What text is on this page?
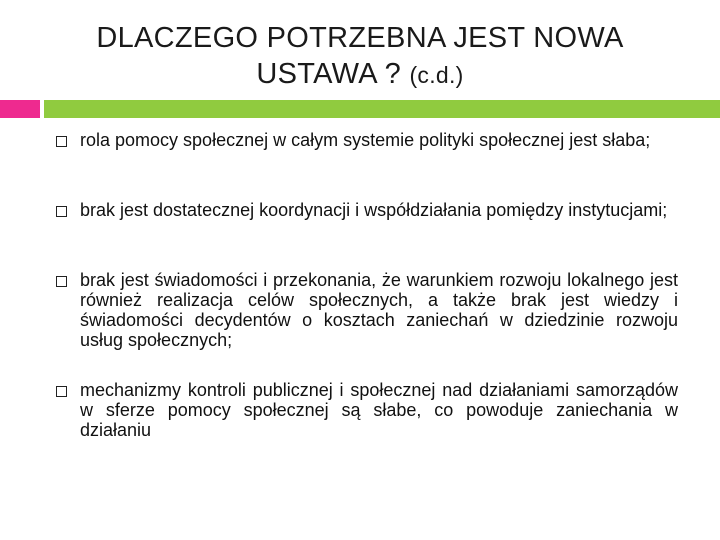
DLACZEGO POTRZEBNA JEST NOWA
USTAWA ? (c.d.)
rola pomocy społecznej w całym systemie polityki społecznej jest słaba;
brak jest dostatecznej koordynacji i współdziałania pomiędzy instytucjami;
brak jest świadomości i przekonania, że warunkiem rozwoju lokalnego jest również realizacja celów społecznych, a także brak jest wiedzy i świadomości decydentów o kosztach zaniechań w dziedzinie rozwoju usług społecznych;
mechanizmy kontroli publicznej i społecznej nad działaniami samorządów w sferze pomocy społecznej są słabe, co powoduje zaniechania w działaniu
